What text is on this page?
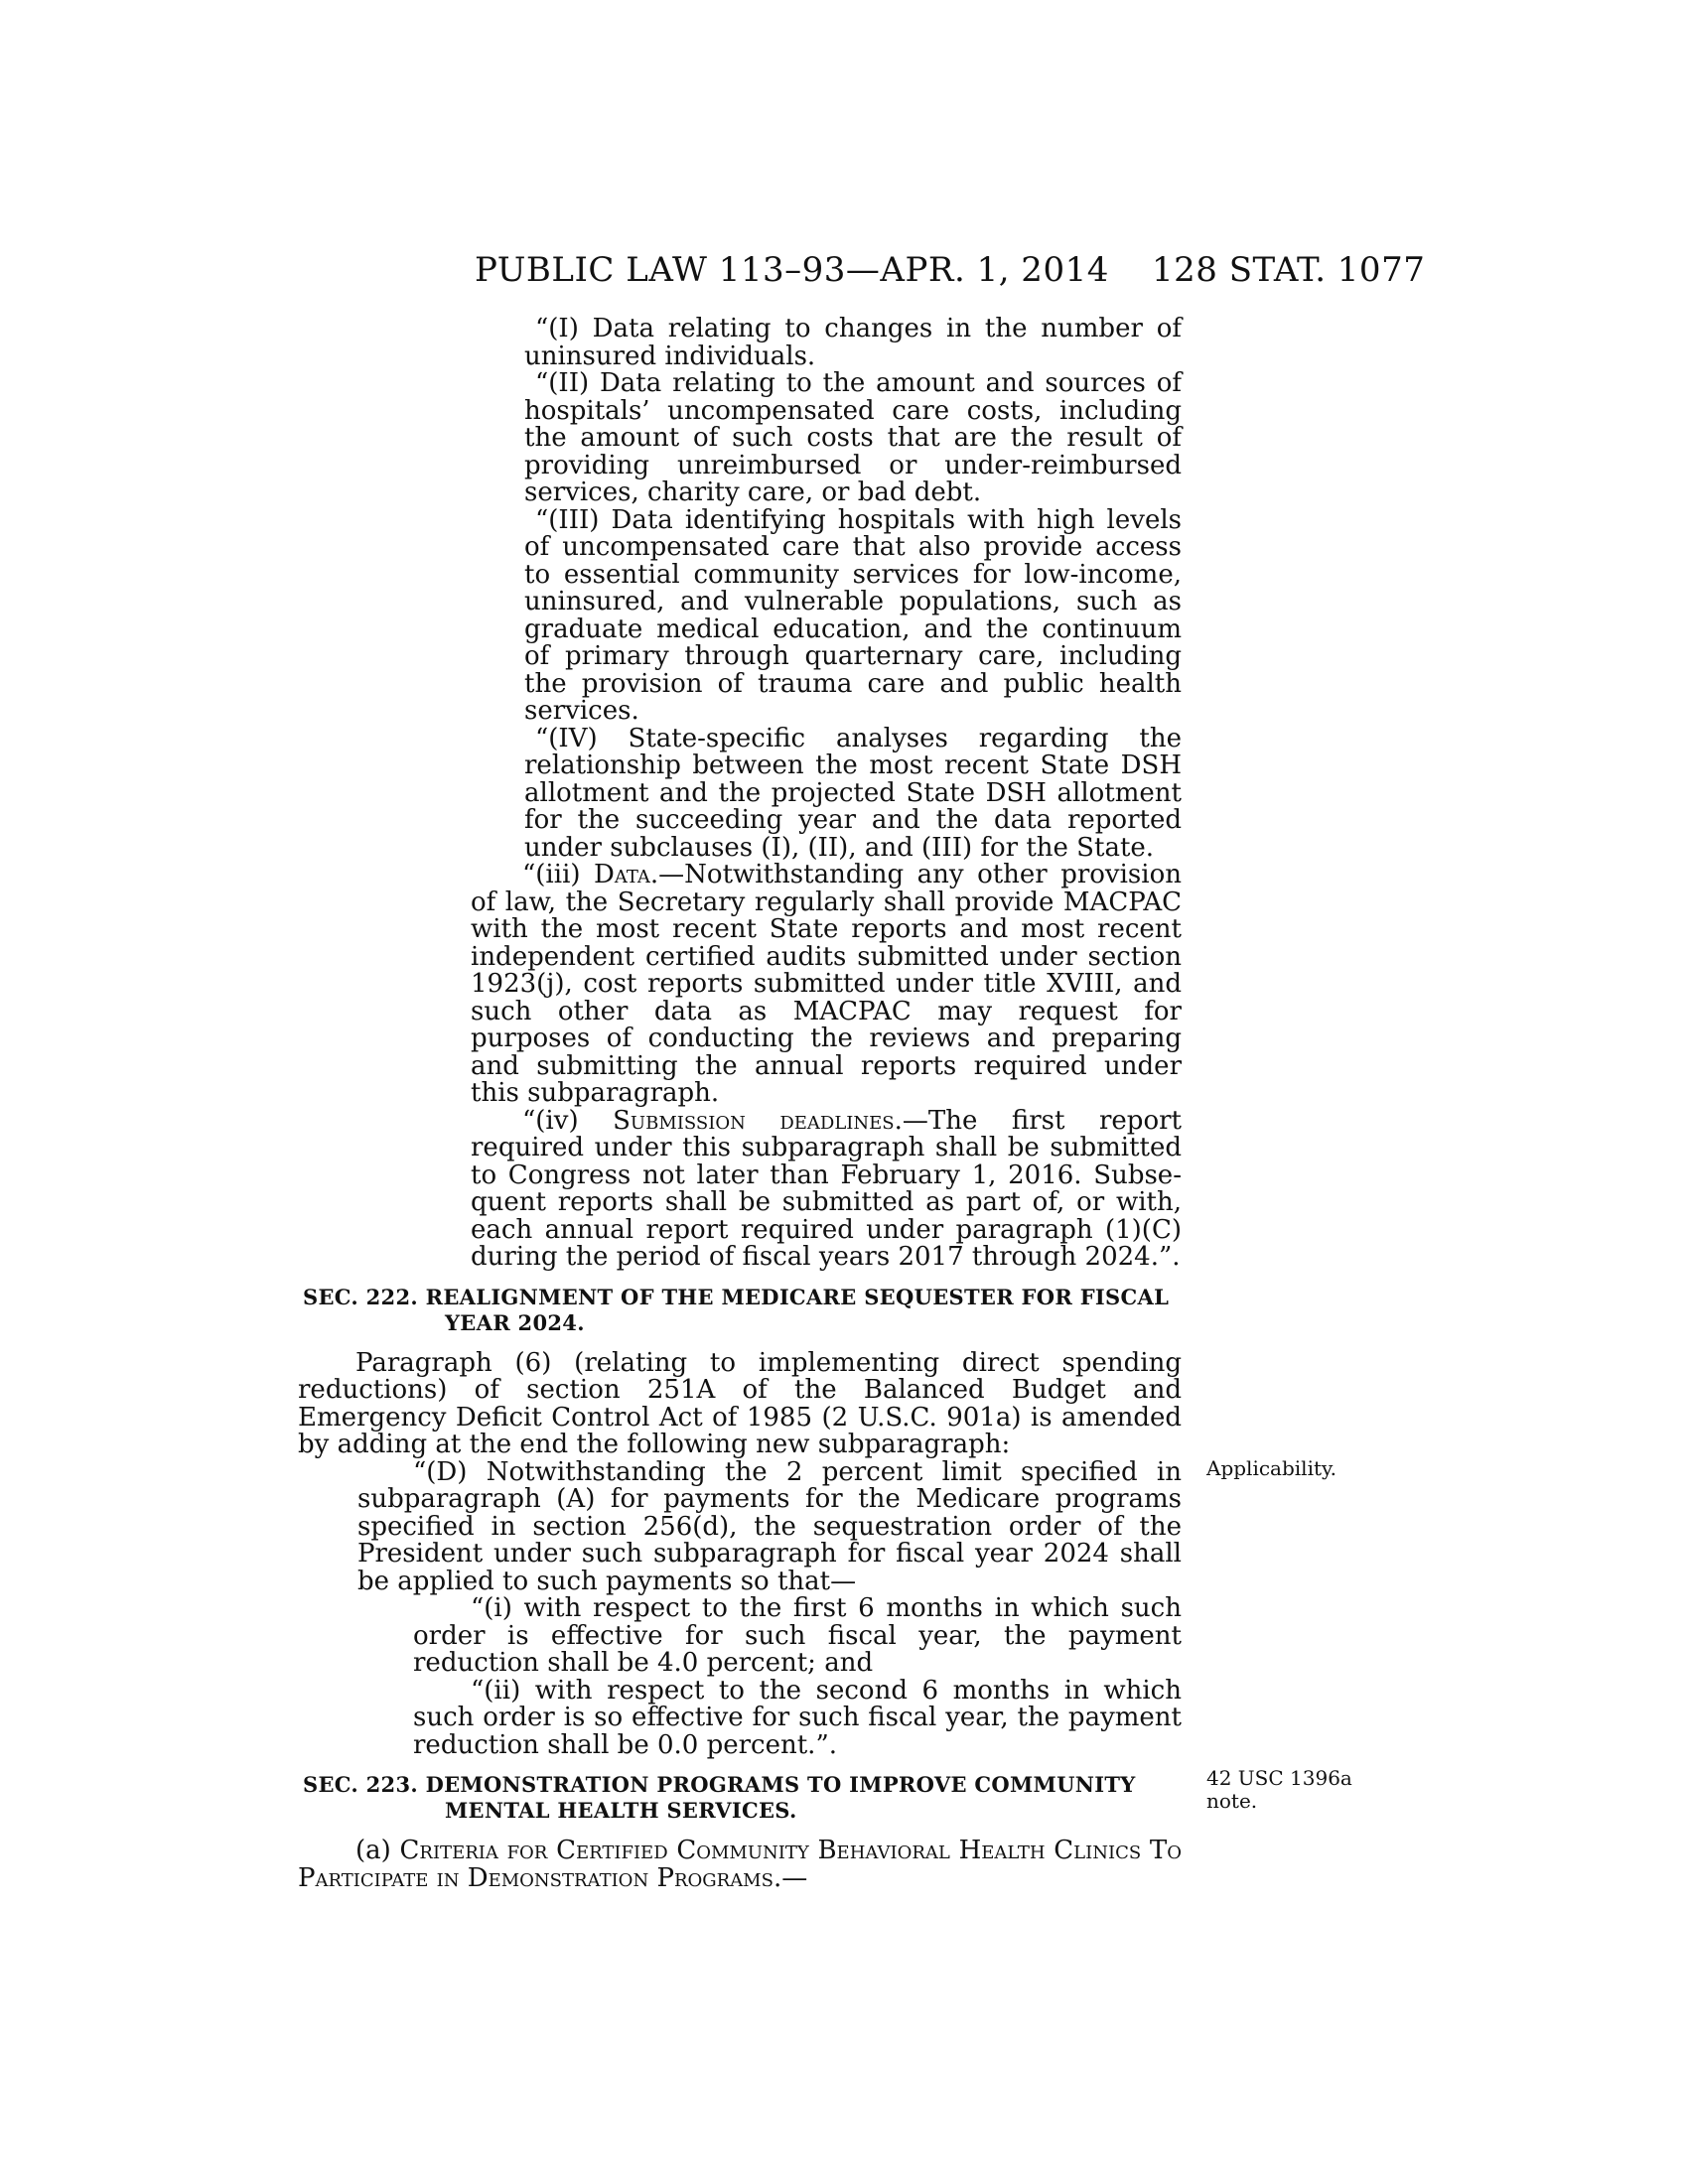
PUBLIC LAW 113–93—APR. 1, 2014 128 STAT. 1077

“(I) Data relating to changes in the number of uninsured individuals.

“(II) Data relating to the amount and sources of hospitals’ uncompensated care costs, including the amount of such costs that are the result of providing unreimbursed or under-reimbursed services, charity care, or bad debt.

“(III) Data identifying hospitals with high levels of uncompensated care that also provide access to essential community services for low-income, uninsured, and vulnerable populations, such as graduate medical education, and the continuum of primary through quarternary care, including the provision of trauma care and public health services.

“(IV) State-specific analyses regarding the relationship between the most recent State DSH allotment and the projected State DSH allotment for the succeeding year and the data reported under subclauses (I), (II), and (III) for the State.

“(iii) Data.—Notwithstanding any other provision of law, the Secretary regularly shall provide MACPAC with the most recent State reports and most recent independent certified audits submitted under section 1923(j), cost reports submitted under title XVIII, and such other data as MACPAC may request for purposes of conducting the reviews and preparing and submitting the annual reports required under this subparagraph.

“(iv) Submission deadlines.—The first report required under this subparagraph shall be submitted to Congress not later than February 1, 2016. Subsequent reports shall be submitted as part of, or with, each annual report required under paragraph (1)(C) during the period of fiscal years 2017 through 2024.”.

SEC. 222. REALIGNMENT OF THE MEDICARE SEQUESTER FOR FISCAL
YEAR 2024.

Paragraph (6) (relating to implementing direct spending reductions) of section 251A of the Balanced Budget and Emergency Deficit Control Act of 1985 (2 U.S.C. 901a) is amended by adding at the end the following new subparagraph:

“(D) Notwithstanding the 2 percent limit specified in subparagraph (A) for payments for the Medicare programs specified in section 256(d), the sequestration order of the President under such subparagraph for fiscal year 2024 shall be applied to such payments so that—

“(i) with respect to the first 6 months in which such order is effective for such fiscal year, the payment reduction shall be 4.0 percent; and

“(ii) with respect to the second 6 months in which such order is so effective for such fiscal year, the payment reduction shall be 0.0 percent.”.

SEC. 223. DEMONSTRATION PROGRAMS TO IMPROVE COMMUNITY
MENTAL HEALTH SERVICES.

(a) Criteria for Certified Community Behavioral Health Clinics To Participate in Demonstration Programs.—

Applicability.
42 USC 1396a
note.
